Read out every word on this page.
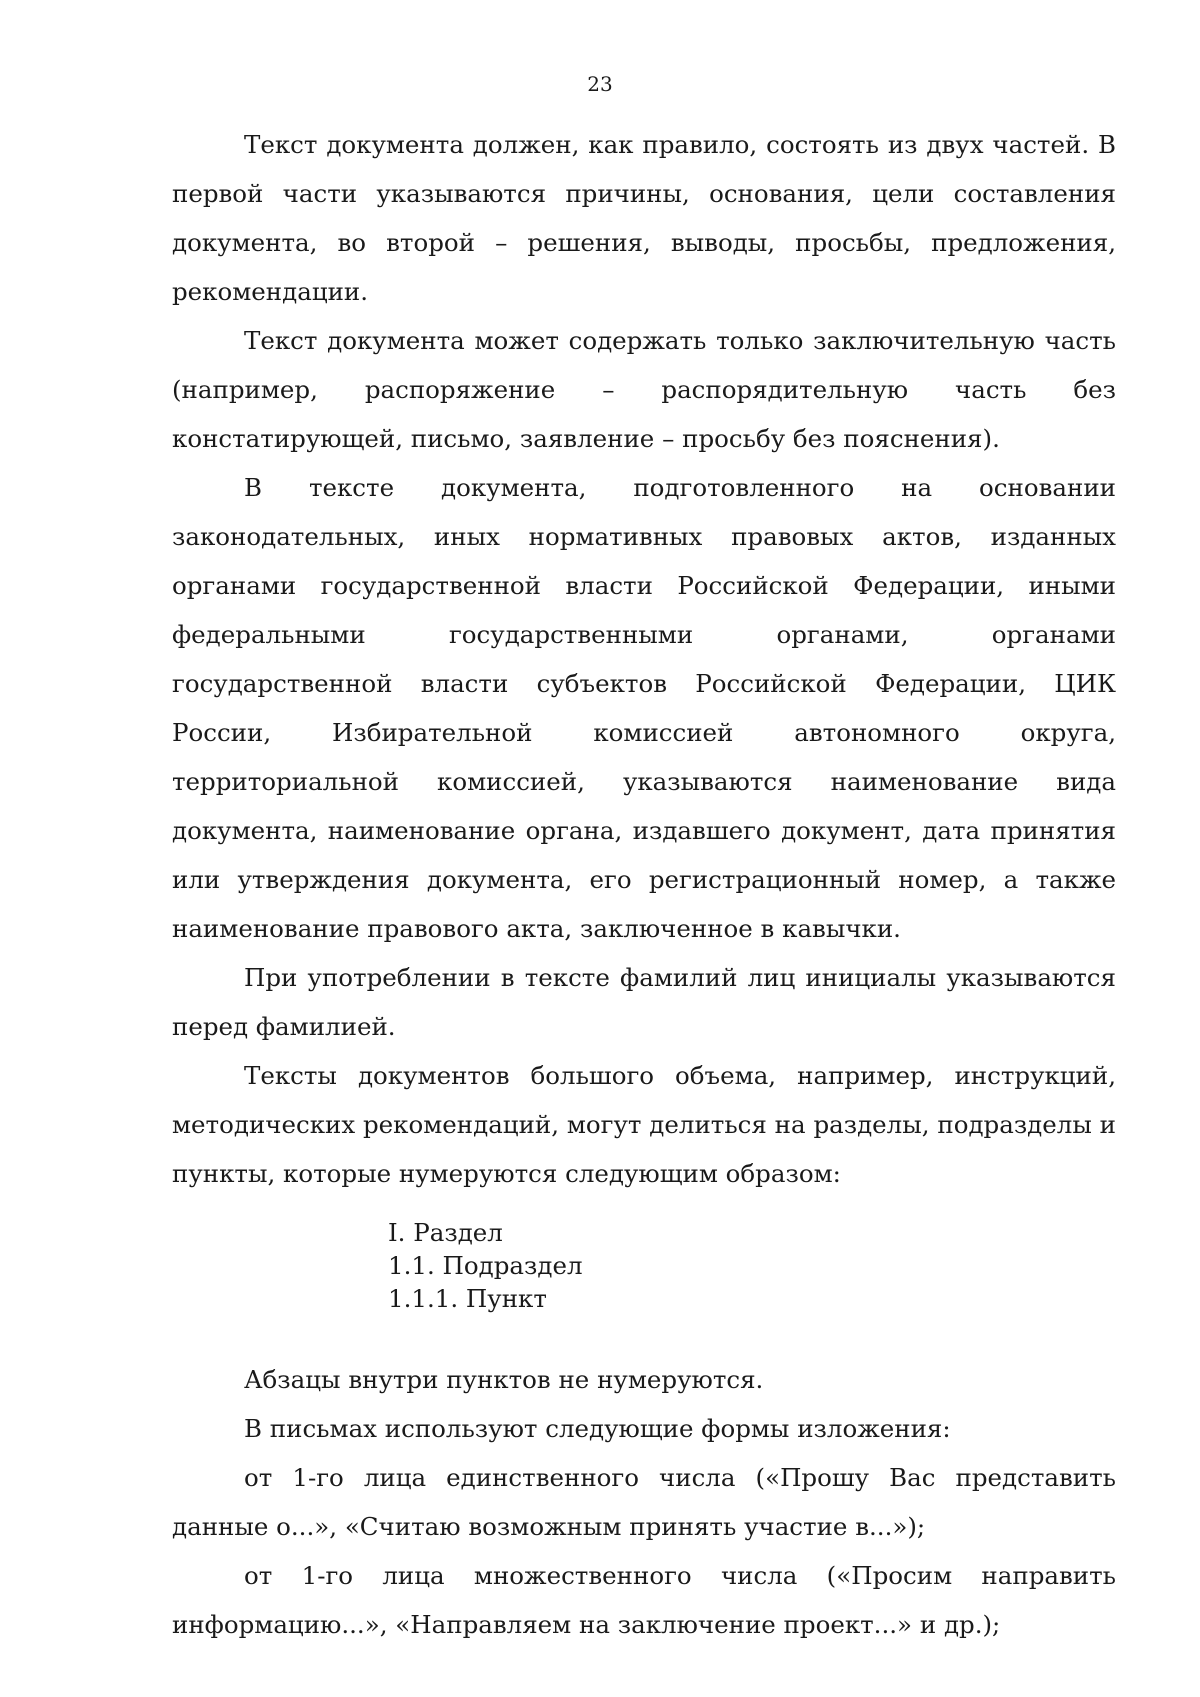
23

Текст документа должен, как правило, состоять из двух частей. В первой части указываются причины, основания, цели составления документа, во второй – решения, выводы, просьбы, предложения, рекомендации.

Текст документа может содержать только заключительную часть (например, распоряжение – распорядительную часть без констатирующей, письмо, заявление – просьбу без пояснения).

В тексте документа, подготовленного на основании законодательных, иных нормативных правовых актов, изданных органами государственной власти Российской Федерации, иными федеральными государственными органами, органами государственной власти субъектов Российской Федерации, ЦИК России, Избирательной комиссией автономного округа, территориальной комиссией, указываются наименование вида документа, наименование органа, издавшего документ, дата принятия или утверждения документа, его регистрационный номер, а также наименование правового акта, заключенное в кавычки.

При употреблении в тексте фамилий лиц инициалы указываются перед фамилией.

Тексты документов большого объема, например, инструкций, методических рекомендаций, могут делиться на разделы, подразделы и пункты, которые нумеруются следующим образом:

I. Раздел
1.1. Подраздел
1.1.1. Пункт

Абзацы внутри пунктов не нумеруются.

В письмах используют следующие формы изложения:

от 1-го лица единственного числа («Прошу Вас представить данные о...», «Считаю возможным принять участие в...»);

от 1-го лица множественного числа («Просим направить информацию...», «Направляем на заключение проект...» и др.);
